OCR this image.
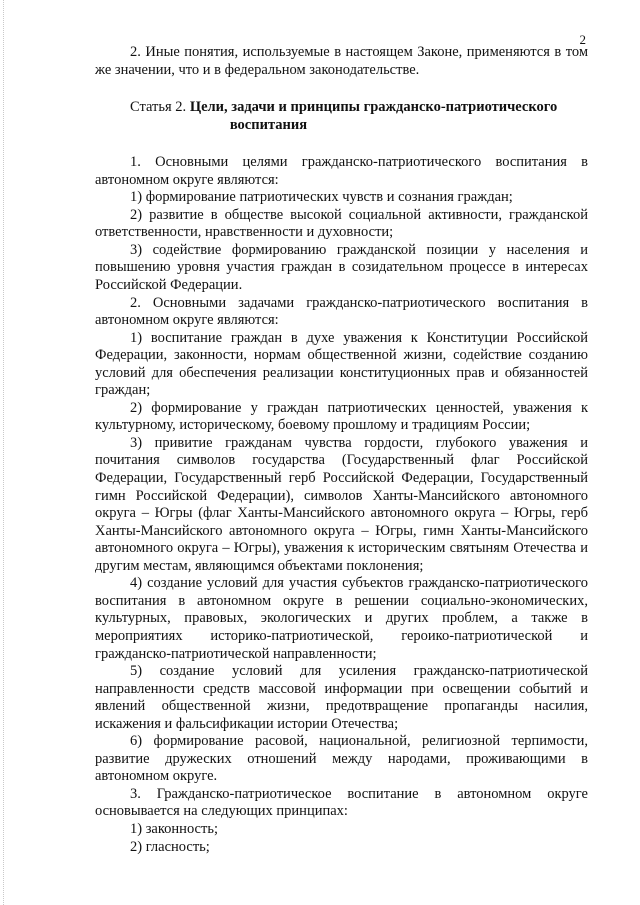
2

2. Иные понятия, используемые в настоящем Законе, применяются в том же значении, что и в федеральном законодательстве.

Статья 2. Цели, задачи и принципы гражданско-патриотического
воспитания

1. Основными целями гражданско-патриотического воспитания в автономном округе являются:

1) формирование патриотических чувств и сознания граждан;

2) развитие в обществе высокой социальной активности, гражданской ответственности, нравственности и духовности;

3) содействие формированию гражданской позиции у населения и повышению уровня участия граждан в созидательном процессе в интересах Российской Федерации.

2. Основными задачами гражданско-патриотического воспитания в автономном округе являются:

1) воспитание граждан в духе уважения к Конституции Российской Федерации, законности, нормам общественной жизни, содействие созданию условий для обеспечения реализации конституционных прав и обязанностей граждан;

2) формирование у граждан патриотических ценностей, уважения к культурному, историческому, боевому прошлому и традициям России;

3) привитие гражданам чувства гордости, глубокого уважения и почитания символов государства (Государственный флаг Российской Федерации, Государственный герб Российской Федерации, Государственный гимн Российской Федерации), символов Ханты-Мансийского автономного округа – Югры (флаг Ханты-Мансийского автономного округа – Югры, герб Ханты-Мансийского автономного округа – Югры, гимн Ханты-Мансийского автономного округа – Югры), уважения к историческим святыням Отечества и другим местам, являющимся объектами поклонения;

4) создание условий для участия субъектов гражданско-патриотического воспитания в автономном округе в решении социально-экономических, культурных, правовых, экологических и других проблем, а также в мероприятиях историко-патриотической, героико-патриотической и гражданско-патриотической направленности;

5) создание условий для усиления гражданско-патриотической направленности средств массовой информации при освещении событий и явлений общественной жизни, предотвращение пропаганды насилия, искажения и фальсификации истории Отечества;

6) формирование расовой, национальной, религиозной терпимости, развитие дружеских отношений между народами, проживающими в автономном округе.

3. Гражданско-патриотическое воспитание в автономном округе основывается на следующих принципах:

1) законность;

2) гласность;
